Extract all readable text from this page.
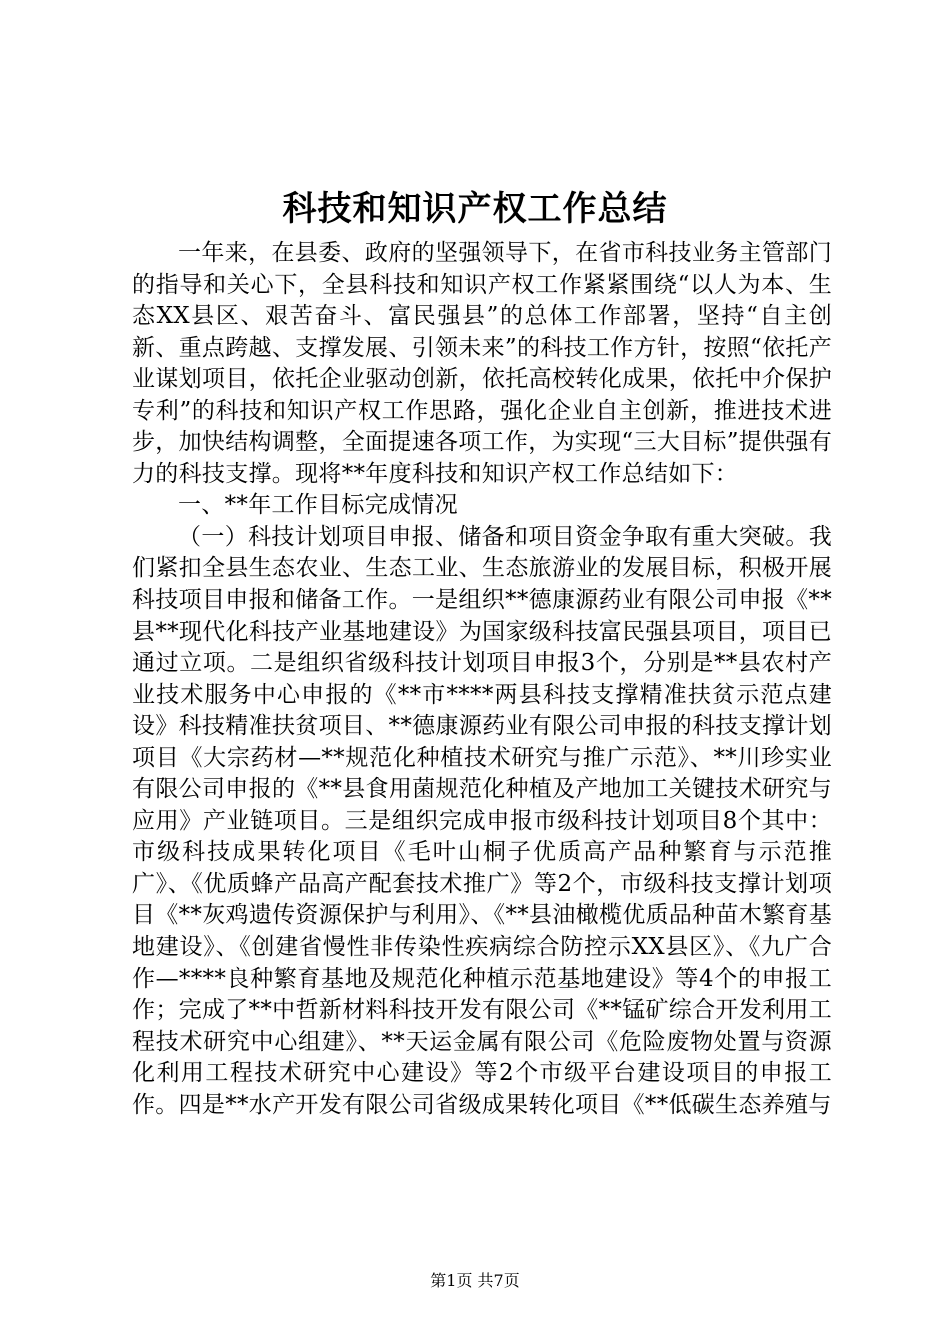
科技和知识产权工作总结

一年来，在县委、政府的坚强领导下，在省市科技业务主管部门的指导和关心下，全县科技和知识产权工作紧紧围绕“以人为本、生态XX县区、艰苦奋斗、富民强县”的总体工作部署，坚持“自主创新、重点跨越、支撑发展、引领未来”的科技工作方针，按照“依托产业谋划项目，依托企业驱动创新，依托高校转化成果，依托中介保护专利”的科技和知识产权工作思路，强化企业自主创新，推进技术进步，加快结构调整，全面提速各项工作，为实现“三大目标”提供强有力的科技支撑。现将**年度科技和知识产权工作总结如下：

一、**年工作目标完成情况

（一）科技计划项目申报、储备和项目资金争取有重大突破。我们紧扣全县生态农业、生态工业、生态旅游业的发展目标，积极开展科技项目申报和储备工作。一是组织**德康源药业有限公司申报《**县**现代化科技产业基地建设》为国家级科技富民强县项目，项目已通过立项。二是组织省级科技计划项目申报3个，分别是**县农村产业技术服务中心申报的《**市****两县科技支撑精准扶贫示范点建设》科技精准扶贫项目、**德康源药业有限公司申报的科技支撑计划项目《大宗药材—**规范化种植技术研究与推广示范》、**川珍实业有限公司申报的《**县食用菌规范化种植及产地加工关键技术研究与应用》产业链项目。三是组织完成申报市级科技计划项目8个其中：市级科技成果转化项目《毛叶山桐子优质高产品种繁育与示范推广》、《优质蜂产品高产配套技术推广》等2个，市级科技支撑计划项目《**灰鸡遗传资源保护与利用》、《**县油橄榄优质品种苗木繁育基地建设》、《创建省慢性非传染性疾病综合防控示XX县区》、《九广合作—****良种繁育基地及规范化种植示范基地建设》等4个的申报工作；完成了**中哲新材料科技开发有限公司《**锰矿综合开发利用工程技术研究中心组建》、**天运金属有限公司《危险废物处置与资源化利用工程技术研究中心建设》等2个市级平台建设项目的申报工作。四是**水产开发有限公司省级成果转化项目《**低碳生态养殖与

第1页 共7页
